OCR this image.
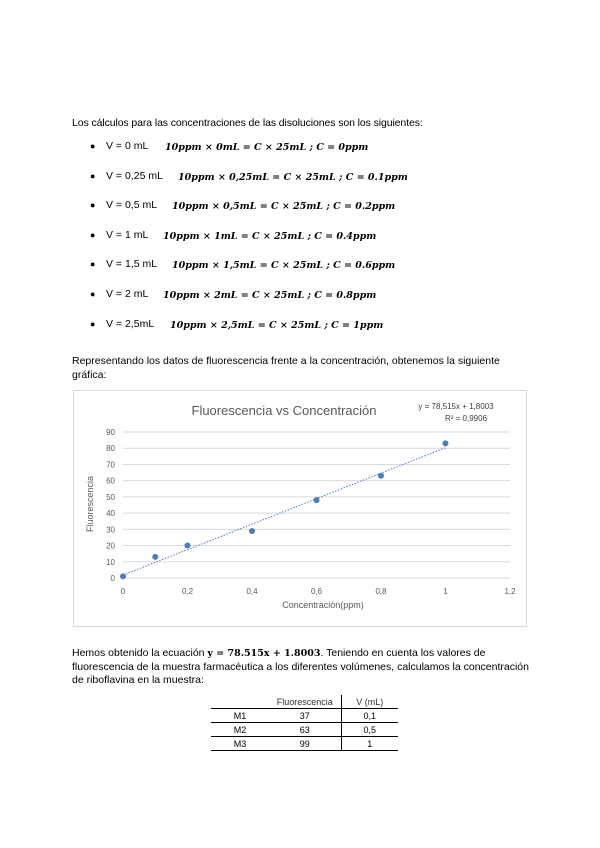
Los cálculos para las concentraciones de las disoluciones son los siguientes:
● V = 0 mL 10ppm × 0mL = C × 25mL ; C = 0ppm
● V = 0,25 mL 10ppm × 0,25mL = C × 25mL ; C = 0.1ppm
● V = 0,5 mL 10ppm × 0,5mL = C × 25mL ; C = 0.2ppm
● V = 1 mL 10ppm × 1mL = C × 25mL ; C = 0.4ppm
● V = 1,5 mL 10ppm × 1,5mL = C × 25mL ; C = 0.6ppm
● V = 2 mL 10ppm × 2mL = C × 25mL ; C = 0.8ppm
● V = 2,5mL 10ppm × 2,5mL = C × 25mL ; C = 1ppm
Representando los datos de fluorescencia frente a la concentración, obtenemos la siguiente gráfica:
Fluorescencia vs Concentración	y = 78,515x + 1,8003
R² = 0,9906
0
10
20
30
40
50
60
70
80
90
0	0,2	0,4	0,6	0,8	1	1,2
Concentración(ppm)
Fluorescencia
Hemos obtenido la ecuación y = 78.515x + 1.8003. Teniendo en cuenta los valores de fluorescencia de la muestra farmacéutica a los diferentes volúmenes, calculamos la concentración de riboflavina en la muestra:
	Fluorescencia	V (mL)
M1	37	0,1
M2	63	0,5
M3	99	1
